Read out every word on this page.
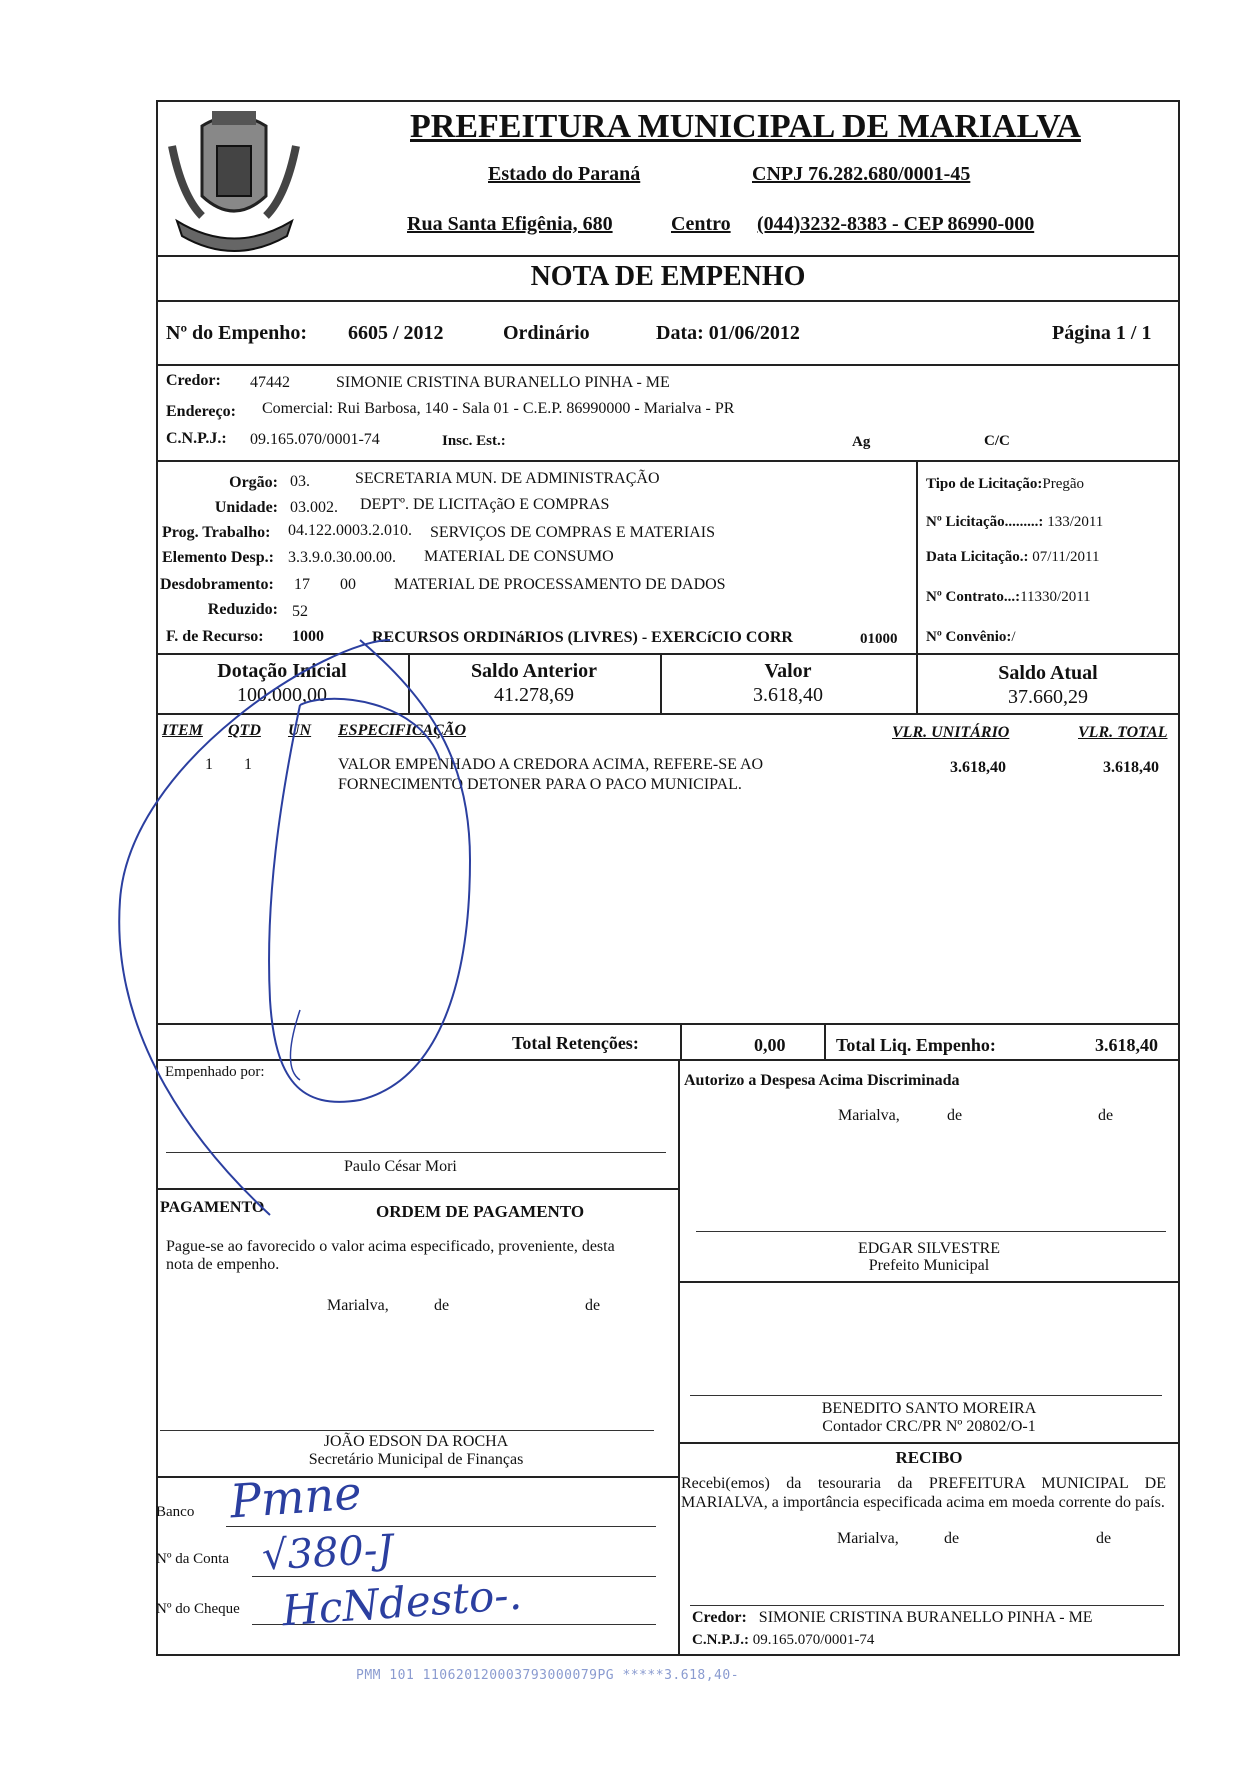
PREFEITURA MUNICIPAL DE MARIALVA
Estado do Paraná	CNPJ 76.282.680/0001-45
Rua Santa Efigênia, 680	Centro (044)3232-8383 - CEP 86990-000
NOTA DE EMPENHO
Nº do Empenho: 6605 / 2012	Ordinário	Data: 01/06/2012	Página 1 / 1
Credor: 47442	SIMONIE CRISTINA BURANELLO PINHA - ME
Endereço: Comercial: Rui Barbosa, 140 - Sala 01 - C.E.P. 86990000 - Marialva - PR
C.N.P.J.: 09.165.070/0001-74	Insc. Est.:	Ag	C/C
Orgão: 03.	SECRETARIA MUN. DE ADMINISTRAÇÃO
Unidade: 03.002. DEPTº. DE LICITAçãO E COMPRAS
Prog. Trabalho: 04.122.0003.2.010. SERVIÇOS DE COMPRAS E MATERIAIS
Elemento Desp.: 3.3.9.0.30.00.00. MATERIAL DE CONSUMO
Desdobramento: 17 00 MATERIAL DE PROCESSAMENTO DE DADOS
Reduzido: 52
F. de Recurso: 1000	RECURSOS ORDINáRIOS (LIVRES) - EXERCíCIO CORR	01000
Tipo de Licitação:Pregão
Nº Licitação.........: 133/2011
Data Licitação.: 07/11/2011
Nº Contrato...:11330/2011
Nº Convênio:/
Dotação Inicial
100.000,00
Saldo Anterior
41.278,69
Valor
3.618,40
Saldo Atual
37.660,29
ITEM QTD UN ESPECIFICAÇÃO	VLR. UNITÁRIO	VLR. TOTAL
1 1	VALOR EMPENHADO A CREDORA ACIMA, REFERE-SE AO
FORNECIMENTO DETONER PARA O PACO MUNICIPAL.
3.618,40	3.618,40
Total Retenções:	0,00	Total Liq. Empenho:	3.618,40
Empenhado por:
Paulo César Mori
Autorizo a Despesa Acima Discriminada
Marialva,	de	de
EDGAR SILVESTRE
Prefeito Municipal
BENEDITO SANTO MOREIRA
Contador CRC/PR Nº 20802/O-1
PAGAMENTO	ORDEM DE PAGAMENTO
Pague-se ao favorecido o valor acima especificado, proveniente, desta
nota de empenho.
Marialva,	de	de
JOÃO EDSON DA ROCHA
Secretário Municipal de Finanças
Banco
Nº da Conta
Nº do Cheque
Pmne
√380-J
HcNdesto-.
RECIBO
Recebi(emos) da tesouraria da PREFEITURA MUNICIPAL DE MARIALVA, a importância especificada acima em moeda corrente do país.
Marialva,	de	de
Credor: SIMONIE CRISTINA BURANELLO PINHA - ME
C.N.P.J.: 09.165.070/0001-74
PMM 101 110620120003793000079PG *****3.618,40-
